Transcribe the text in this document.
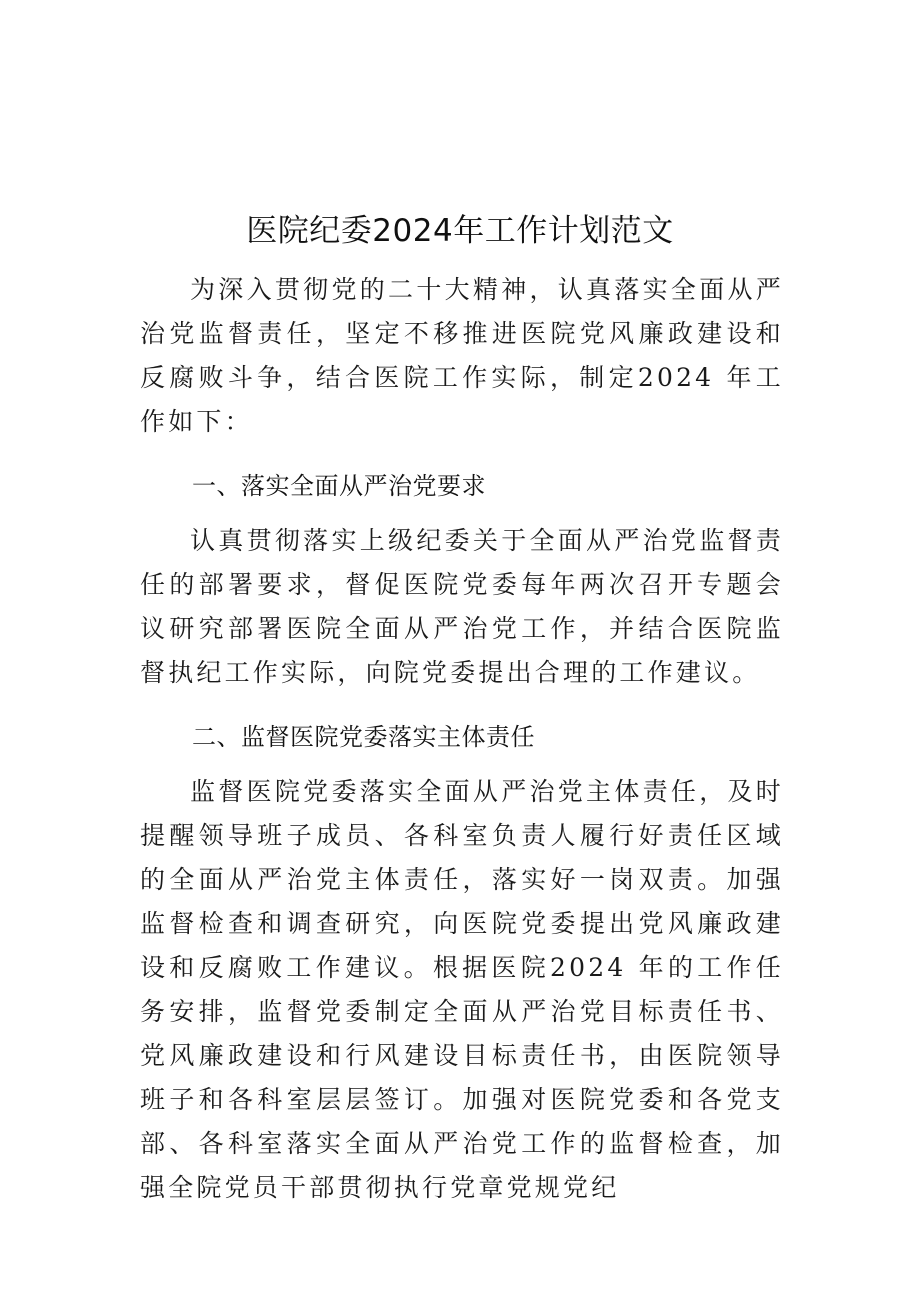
医院纪委2024年工作计划范文

为深入贯彻党的二十大精神，认真落实全面从严治党监督责任，坚定不移推进医院党风廉政建设和反腐败斗争，结合医院工作实际，制定2024 年工作如下：

一、落实全面从严治党要求

认真贯彻落实上级纪委关于全面从严治党监督责任的部署要求，督促医院党委每年两次召开专题会议研究部署医院全面从严治党工作，并结合医院监督执纪工作实际，向院党委提出合理的工作建议。

二、监督医院党委落实主体责任

监督医院党委落实全面从严治党主体责任，及时提醒领导班子成员、各科室负责人履行好责任区域的全面从严治党主体责任，落实好一岗双责。加强监督检查和调查研究，向医院党委提出党风廉政建设和反腐败工作建议。根据医院2024 年的工作任务安排，监督党委制定全面从严治党目标责任书、党风廉政建设和行风建设目标责任书，由医院领导班子和各科室层层签订。加强对医院党委和各党支部、各科室落实全面从严治党工作的监督检查，加强全院党员干部贯彻执行党章党规党纪
